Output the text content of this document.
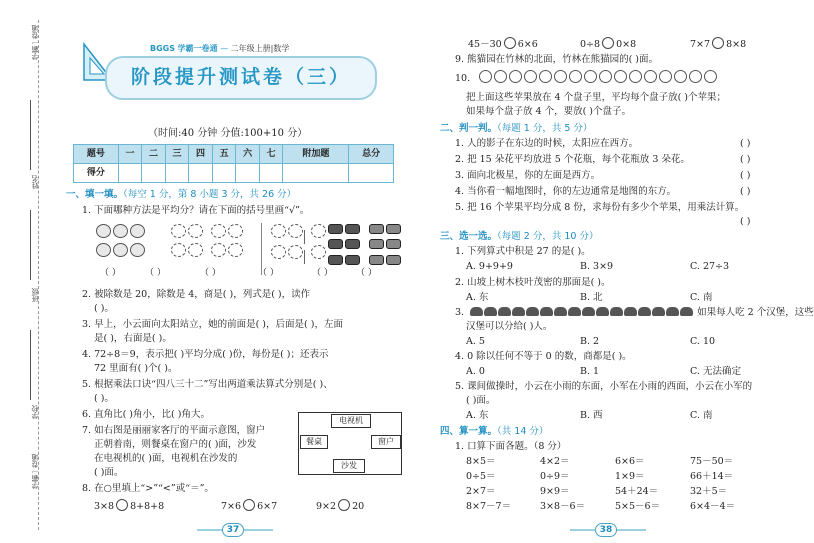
学霸一卷通
学霸一卷通
学校
班级
姓名
BGGS 学霸一卷通 — 二年级上册|数学
阶段提升测试卷（三）
（时间:40 分钟 分值:100+10 分）
题号	一	二	三	四	五	六	七	附加题	总分
得分									
一、填一填。（每空 1 分，第 8 小题 3 分，共 26 分）
1. 下面哪种方法是平均分？请在下面的括号里画“√”。

（ ）	（ ）	（ ）	（ ）	（ ）	（ ）
2. 被除数是 20，除数是 4，商是( )，列式是( )，读作
( )。
3. 早上，小云面向太阳站立，她的前面是( )，后面是( )，左面
是( )，右面是( )。
4. 72÷8＝9，表示把( )平均分成( )份，每份是( )；还表示
72 里面有( )个( )。
5. 根据乘法口诀“四八三十二”写出两道乘法算式分别是( )、
( )。
6. 直角比( )角小，比( )角大。
7. 如右图是丽丽家客厅的平面示意图，窗户
正朝着南，则餐桌在窗户的( )面，沙发
在电视机的( )面，电视机在沙发的
( )面。
电视机
餐桌	窗户
沙发
8. 在○里填上“>”“<”或“＝”。
3×8 8+8+8	7×6 6×7	9×2 20
37	38
45－30 6×6	0÷8 0×8	7×7 8×8
9. 熊猫园在竹林的北面，竹林在熊猫园的( )面。
10.
把上面这些苹果放在 4 个盘子里，平均每个盘子放( )个苹果；
如果每个盘子放 4 个，要放( )个盘子。
二、判一判。（每题 1 分，共 5 分）
1. 人的影子在东边的时候，太阳应在西方。	( )
2. 把 15 朵花平均放进 5 个花瓶，每个花瓶放 3 朵花。	( )
3. 面向北极星，你的左面是西方。	( )
4. 当你看一幅地图时，你的左边通常是地图的东方。	( )
5. 把 16 个苹果平均分成 8 份，求每份有多少个苹果，用乘法计算。
( )
三、选一选。（每题 2 分，共 10 分）
1. 下列算式中积是 27 的是( )。
A. 9+9+9	B. 3×9	C. 27÷3
2. 山坡上树木枝叶茂密的那面是( )。
A. 东	B. 北	C. 南
3.	如果每人吃 2 个汉堡，这些
汉堡可以分给( )人。
A. 5	B. 2	C. 10
4. 0 除以任何不等于 0 的数，商都是( )。
A. 0	B. 1	C. 无法确定
5. 课间做操时，小云在小雨的东面，小军在小雨的西面，小云在小军的
( )面。
A. 东	B. 西	C. 南
四、算一算。（共 14 分）
1. 口算下面各题。（8 分）
8×5＝	4×2＝	6×6＝	75－50＝
0÷5＝	0÷9＝	1×9＝	66＋14＝
2×7＝	9×9＝	54＋24＝	32＋5＝
8×7－7＝	3×8－6＝	5×5－6＝	6×4－4＝
